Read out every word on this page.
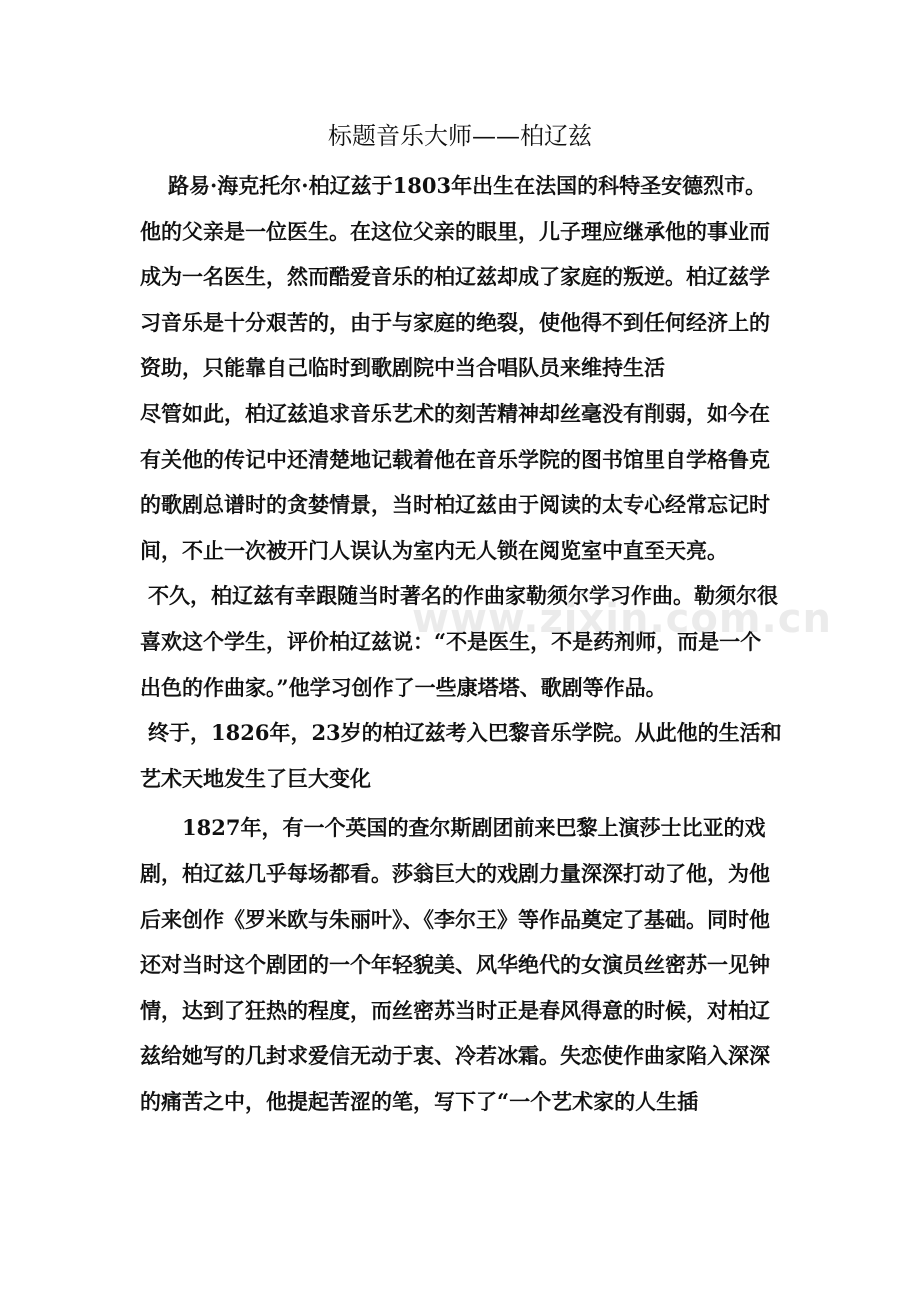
标题音乐大师——柏辽兹

路易·海克托尔·柏辽兹于1803年出生在法国的科特圣安德烈市。他的父亲是一位医生。在这位父亲的眼里，儿子理应继承他的事业而成为一名医生，然而酷爱音乐的柏辽兹却成了家庭的叛逆。柏辽兹学习音乐是十分艰苦的，由于与家庭的绝裂，使他得不到任何经济上的资助，只能靠自己临时到歌剧院中当合唱队员来维持生活

尽管如此，柏辽兹追求音乐艺术的刻苦精神却丝毫没有削弱，如今在有关他的传记中还清楚地记载着他在音乐学院的图书馆里自学格鲁克的歌剧总谱时的贪婪情景，当时柏辽兹由于阅读的太专心经常忘记时间，不止一次被开门人误认为室内无人锁在阅览室中直至天亮。

不久，柏辽兹有幸跟随当时著名的作曲家勒须尔学习作曲。勒须尔很喜欢这个学生，评价柏辽兹说：“不是医生，不是药剂师，而是一个出色的作曲家。”他学习创作了一些康塔塔、歌剧等作品。

终于，1826年，23岁的柏辽兹考入巴黎音乐学院。从此他的生活和艺术天地发生了巨大变化

1827年，有一个英国的查尔斯剧团前来巴黎上演莎士比亚的戏剧，柏辽兹几乎每场都看。莎翁巨大的戏剧力量深深打动了他，为他后来创作《罗米欧与朱丽叶》、《李尔王》等作品奠定了基础。同时他还对当时这个剧团的一个年轻貌美、风华绝代的女演员丝密苏一见钟情，达到了狂热的程度，而丝密苏当时正是春风得意的时候，对柏辽兹给她写的几封求爱信无动于衷、冷若冰霜。失恋使作曲家陷入深深的痛苦之中，他提起苦涩的笔，写下了“一个艺术家的人生插

www.zixin.com.cn
